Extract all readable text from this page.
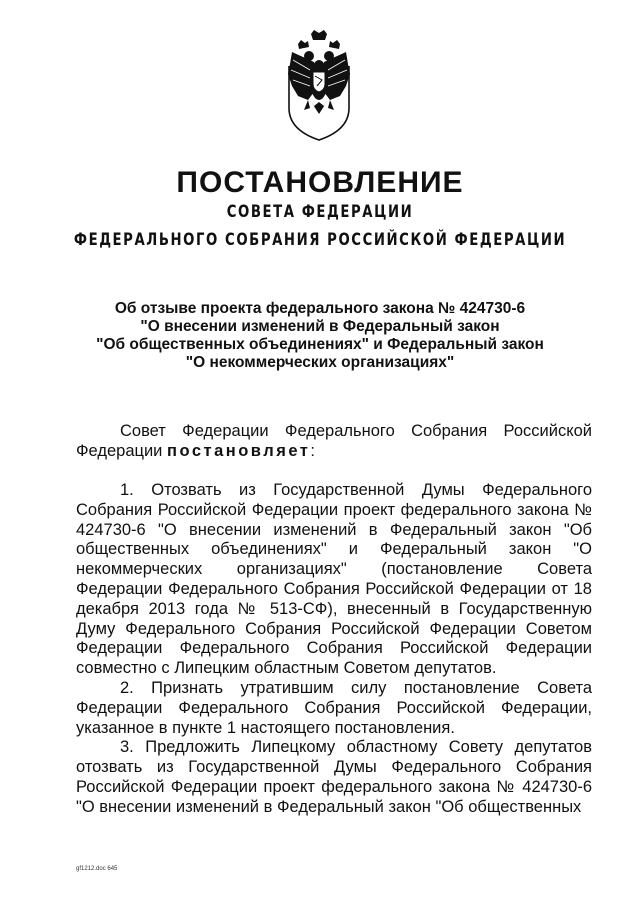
ПОСТАНОВЛЕНИЕ
СОВЕТА ФЕДЕРАЦИИ
ФЕДЕРАЛЬНОГО СОБРАНИЯ РОССИЙСКОЙ ФЕДЕРАЦИИ
Об отзыве проекта федерального закона № 424730-6
"О внесении изменений в Федеральный закон
"Об общественных объединениях" и Федеральный закон
"О некоммерческих организациях"

Совет Федерации Федерального Собрания Российской Федерации постановляет:

1. Отозвать из Государственной Думы Федерального Собрания Российской Федерации проект федерального закона № 424730-6 "О внесении изменений в Федеральный закон "Об общественных объединениях" и Федеральный закон "О некоммерческих организациях" (постановление Совета Федерации Федерального Собрания Российской Федерации от 18 декабря 2013 года № 513-СФ), внесенный в Государственную Думу Федерального Собрания Российской Федерации Советом Федерации Федерального Собрания Российской Федерации совместно с Липецким областным Советом депутатов.

2. Признать утратившим силу постановление Совета Федерации Федерального Собрания Российской Федерации, указанное в пункте 1 настоящего постановления.

3. Предложить Липецкому областному Совету депутатов отозвать из Государственной Думы Федерального Собрания Российской Федерации проект федерального закона № 424730-6 "О внесении изменений в Федеральный закон "Об общественных

gf1212.doc 645
